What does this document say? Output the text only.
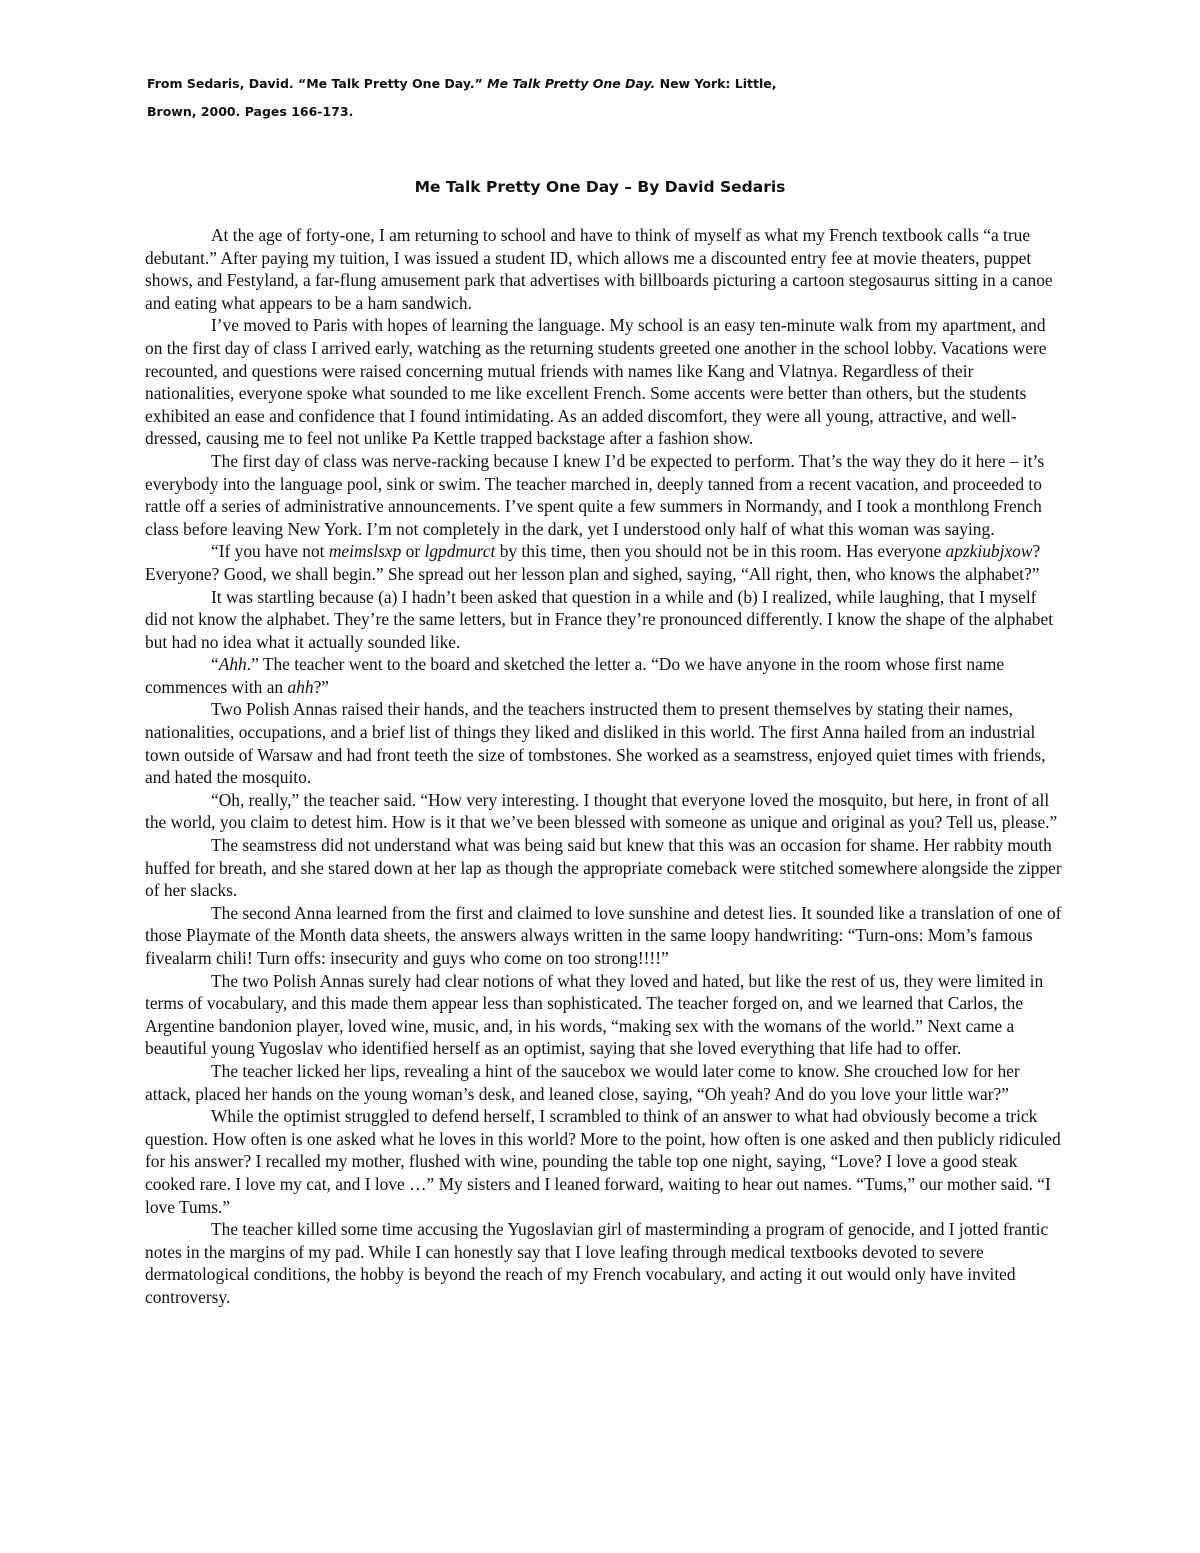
From Sedaris, David. “Me Talk Pretty One Day.” Me Talk Pretty One Day. New York: Little,

Brown, 2000. Pages 166-173.

Me Talk Pretty One Day – By David Sedaris

At the age of forty-one, I am returning to school and have to think of myself as what my French textbook calls “a true debutant.” After paying my tuition, I was issued a student ID, which allows me a discounted entry fee at movie theaters, puppet shows, and Festyland, a far-flung amusement park that advertises with billboards picturing a cartoon stegosaurus sitting in a canoe and eating what appears to be a ham sandwich.

I’ve moved to Paris with hopes of learning the language. My school is an easy ten-minute walk from my apartment, and on the first day of class I arrived early, watching as the returning students greeted one another in the school lobby. Vacations were recounted, and questions were raised concerning mutual friends with names like Kang and Vlatnya. Regardless of their nationalities, everyone spoke what sounded to me like excellent French. Some accents were better than others, but the students exhibited an ease and confidence that I found intimidating. As an added discomfort, they were all young, attractive, and well-dressed, causing me to feel not unlike Pa Kettle trapped backstage after a fashion show.

The first day of class was nerve-racking because I knew I’d be expected to perform. That’s the way they do it here – it’s everybody into the language pool, sink or swim. The teacher marched in, deeply tanned from a recent vacation, and proceeded to rattle off a series of administrative announcements. I’ve spent quite a few summers in Normandy, and I took a monthlong French class before leaving New York. I’m not completely in the dark, yet I understood only half of what this woman was saying.

“If you have not meimslsxp or lgpdmurct by this time, then you should not be in this room. Has everyone apzkiubjxow? Everyone? Good, we shall begin.” She spread out her lesson plan and sighed, saying, “All right, then, who knows the alphabet?”

It was startling because (a) I hadn’t been asked that question in a while and (b) I realized, while laughing, that I myself did not know the alphabet. They’re the same letters, but in France they’re pronounced differently. I know the shape of the alphabet but had no idea what it actually sounded like.

“Ahh.” The teacher went to the board and sketched the letter a. “Do we have anyone in the room whose first name commences with an ahh?”

Two Polish Annas raised their hands, and the teachers instructed them to present themselves by stating their names, nationalities, occupations, and a brief list of things they liked and disliked in this world. The first Anna hailed from an industrial town outside of Warsaw and had front teeth the size of tombstones. She worked as a seamstress, enjoyed quiet times with friends, and hated the mosquito.

“Oh, really,” the teacher said. “How very interesting. I thought that everyone loved the mosquito, but here, in front of all the world, you claim to detest him. How is it that we’ve been blessed with someone as unique and original as you? Tell us, please.”

The seamstress did not understand what was being said but knew that this was an occasion for shame. Her rabbity mouth huffed for breath, and she stared down at her lap as though the appropriate comeback were stitched somewhere alongside the zipper of her slacks.

The second Anna learned from the first and claimed to love sunshine and detest lies. It sounded like a translation of one of those Playmate of the Month data sheets, the answers always written in the same loopy handwriting: “Turn-ons: Mom’s famous fivealarm chili! Turn offs: insecurity and guys who come on too strong!!!!”

The two Polish Annas surely had clear notions of what they loved and hated, but like the rest of us, they were limited in terms of vocabulary, and this made them appear less than sophisticated. The teacher forged on, and we learned that Carlos, the Argentine bandonion player, loved wine, music, and, in his words, “making sex with the womans of the world.” Next came a beautiful young Yugoslav who identified herself as an optimist, saying that she loved everything that life had to offer.

The teacher licked her lips, revealing a hint of the saucebox we would later come to know. She crouched low for her attack, placed her hands on the young woman’s desk, and leaned close, saying, “Oh yeah? And do you love your little war?”

While the optimist struggled to defend herself, I scrambled to think of an answer to what had obviously become a trick question. How often is one asked what he loves in this world? More to the point, how often is one asked and then publicly ridiculed for his answer? I recalled my mother, flushed with wine, pounding the table top one night, saying, “Love? I love a good steak cooked rare. I love my cat, and I love …” My sisters and I leaned forward, waiting to hear out names. “Tums,” our mother said. “I love Tums.”

The teacher killed some time accusing the Yugoslavian girl of masterminding a program of genocide, and I jotted frantic notes in the margins of my pad. While I can honestly say that I love leafing through medical textbooks devoted to severe dermatological conditions, the hobby is beyond the reach of my French vocabulary, and acting it out would only have invited controversy.
